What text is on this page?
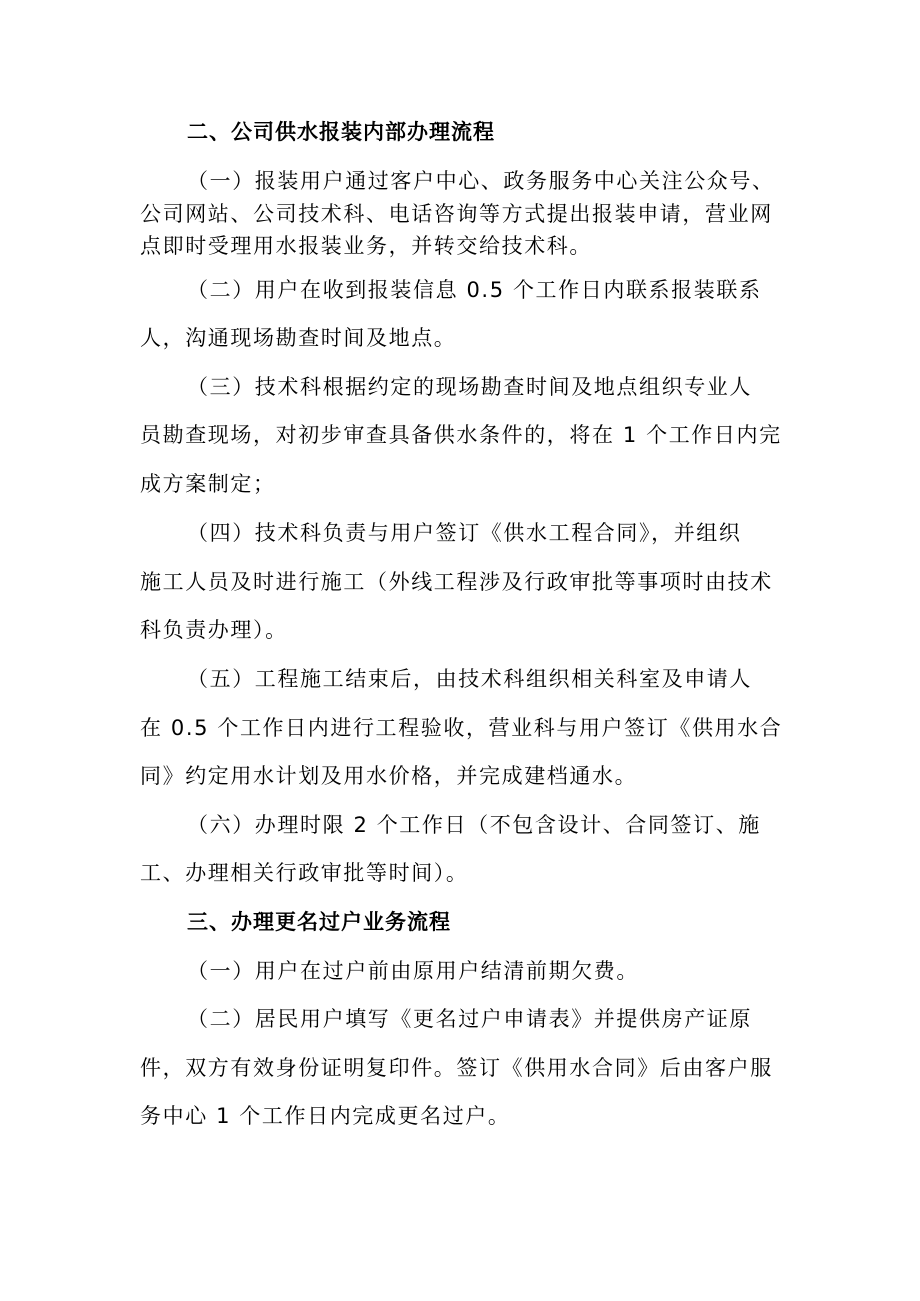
二、公司供水报装内部办理流程
（一）报装用户通过客户中心、政务服务中心关注公众号、
公司网站、公司技术科、电话咨询等方式提出报装申请，营业网
点即时受理用水报装业务，并转交给技术科。
（二）用户在收到报装信息 0.5 个工作日内联系报装联系
人，沟通现场勘查时间及地点。
（三）技术科根据约定的现场勘查时间及地点组织专业人
员勘查现场，对初步审查具备供水条件的，将在 1 个工作日内完
成方案制定；
（四）技术科负责与用户签订《供水工程合同》，并组织
施工人员及时进行施工（外线工程涉及行政审批等事项时由技术
科负责办理）。
（五）工程施工结束后，由技术科组织相关科室及申请人
在 0.5 个工作日内进行工程验收，营业科与用户签订《供用水合
同》约定用水计划及用水价格，并完成建档通水。
（六）办理时限 2 个工作日（不包含设计、合同签订、施
工、办理相关行政审批等时间）。
三、办理更名过户业务流程
（一）用户在过户前由原用户结清前期欠费。
（二）居民用户填写《更名过户申请表》并提供房产证原
件，双方有效身份证明复印件。签订《供用水合同》后由客户服
务中心 1 个工作日内完成更名过户。
